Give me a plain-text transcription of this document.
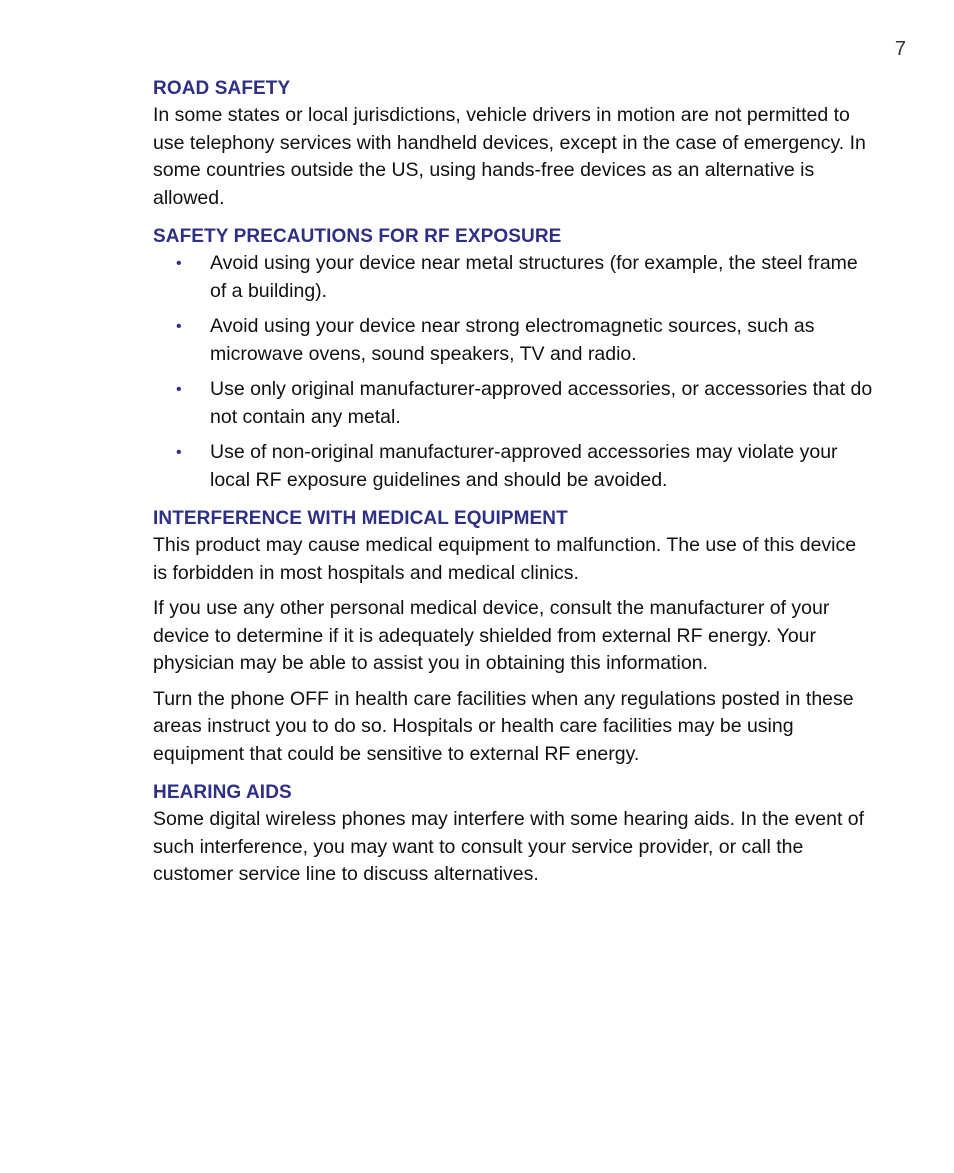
7
ROAD SAFETY

In some states or local jurisdictions, vehicle drivers in motion are not permitted to use telephony services with handheld devices, except in the case of emergency. In some countries outside the US, using hands-free devices as an alternative is allowed.

SAFETY PRECAUTIONS FOR RF EXPOSURE
• Avoid using your device near metal structures (for example, the steel frame of a building).
• Avoid using your device near strong electromagnetic sources, such as microwave ovens, sound speakers, TV and radio.
• Use only original manufacturer-approved accessories, or accessories that do not contain any metal.
• Use of non-original manufacturer-approved accessories may violate your local RF exposure guidelines and should be avoided.
INTERFERENCE WITH MEDICAL EQUIPMENT

This product may cause medical equipment to malfunction. The use of this device is forbidden in most hospitals and medical clinics.

If you use any other personal medical device, consult the manufacturer of your device to determine if it is adequately shielded from external RF energy. Your physician may be able to assist you in obtaining this information.

Turn the phone OFF in health care facilities when any regulations posted in these areas instruct you to do so. Hospitals or health care facilities may be using equipment that could be sensitive to external RF energy.

HEARING AIDS

Some digital wireless phones may interfere with some hearing aids. In the event of such interference, you may want to consult your service provider, or call the customer service line to discuss alternatives.
